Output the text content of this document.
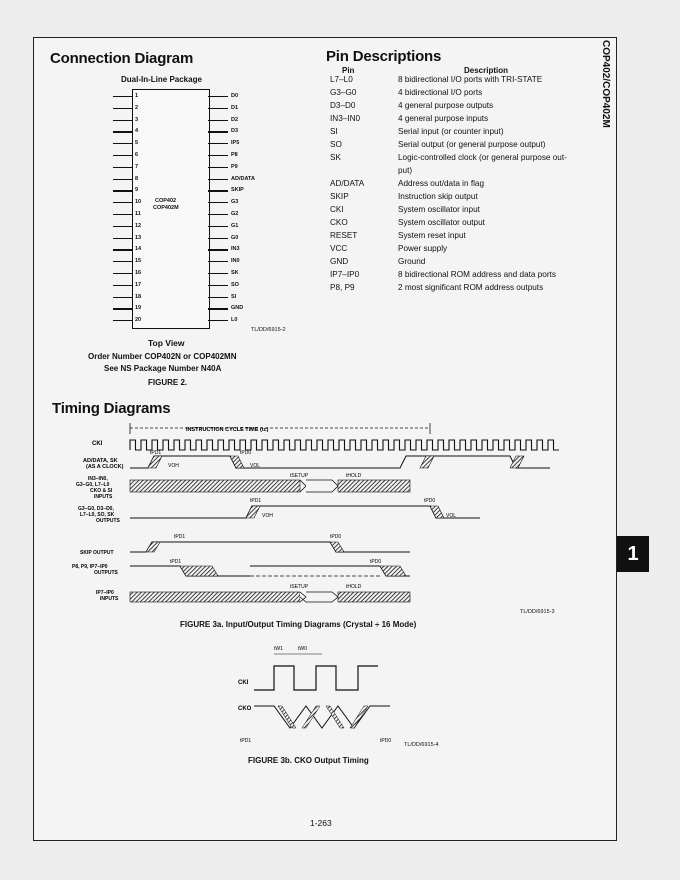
COP402/COP402M
1
Connection Diagram
Dual-In-Line Package
COP402
COP402M
1
2
3
4
5
6
7
8
9
10
11
12
13
14
15
16
17
18
19
20
D0
D1
D2
D3
IP5
P8
P9
AD/DATA
SKIP
G3
G2
G1
G0
IN3
IN0
SK
SO
SI
GND
L0
TL/DD/6915-2
Top View
Order Number COP402N or COP402MN
See NS Package Number N40A
FIGURE 2.
Pin Descriptions
Pin	Description
L7–L0	8 bidirectional I/O ports with TRI-STATE
G3–G0	4 bidirectional I/O ports
D3–D0	4 general purpose outputs
IN3–IN0	4 general purpose inputs
SI	Serial input (or counter input)
SO	Serial output (or general purpose output)
SK	Logic-controlled clock (or general purpose out-
	put)
AD/DATA	Address out/data in flag
SKIP	Instruction skip output
CKI	System oscillator input
CKO	System oscillator output
RESET	System reset input
VCC	Power supply
GND	Ground
IP7–IP0	8 bidirectional ROM address and data ports
P8, P9	2 most significant ROM address outputs
Timing Diagrams
INSTRUCTION CYCLE TIME (tc)
CKI
AD/DATA, SK
(AS A CLOCK)
tPD1
VOH
tPD0
VOL
IN3–IN0,
G3–G0, L7–L0
CKO & SI
INPUTS
tSETUP	tHOLD
G3–G0, D3–D0,
L7–L0, SO, SK
OUTPUTS
tPD1
VOH
tPD0
VOL
SKIP OUTPUT
tPD1	tPD0
P8, P9, IP7–IP0
OUTPUTS
tPD1	tPD0
IP7–IP0
INPUTS
tSETUP	tHOLD
TL/DD/6915-3
FIGURE 3a. Input/Output Timing Diagrams (Crystal ÷ 16 Mode)
tW1	tW0
CKI
CKO
tPD1	tPD0
TL/DD/6915-4
FIGURE 3b. CKO Output Timing
1-263
